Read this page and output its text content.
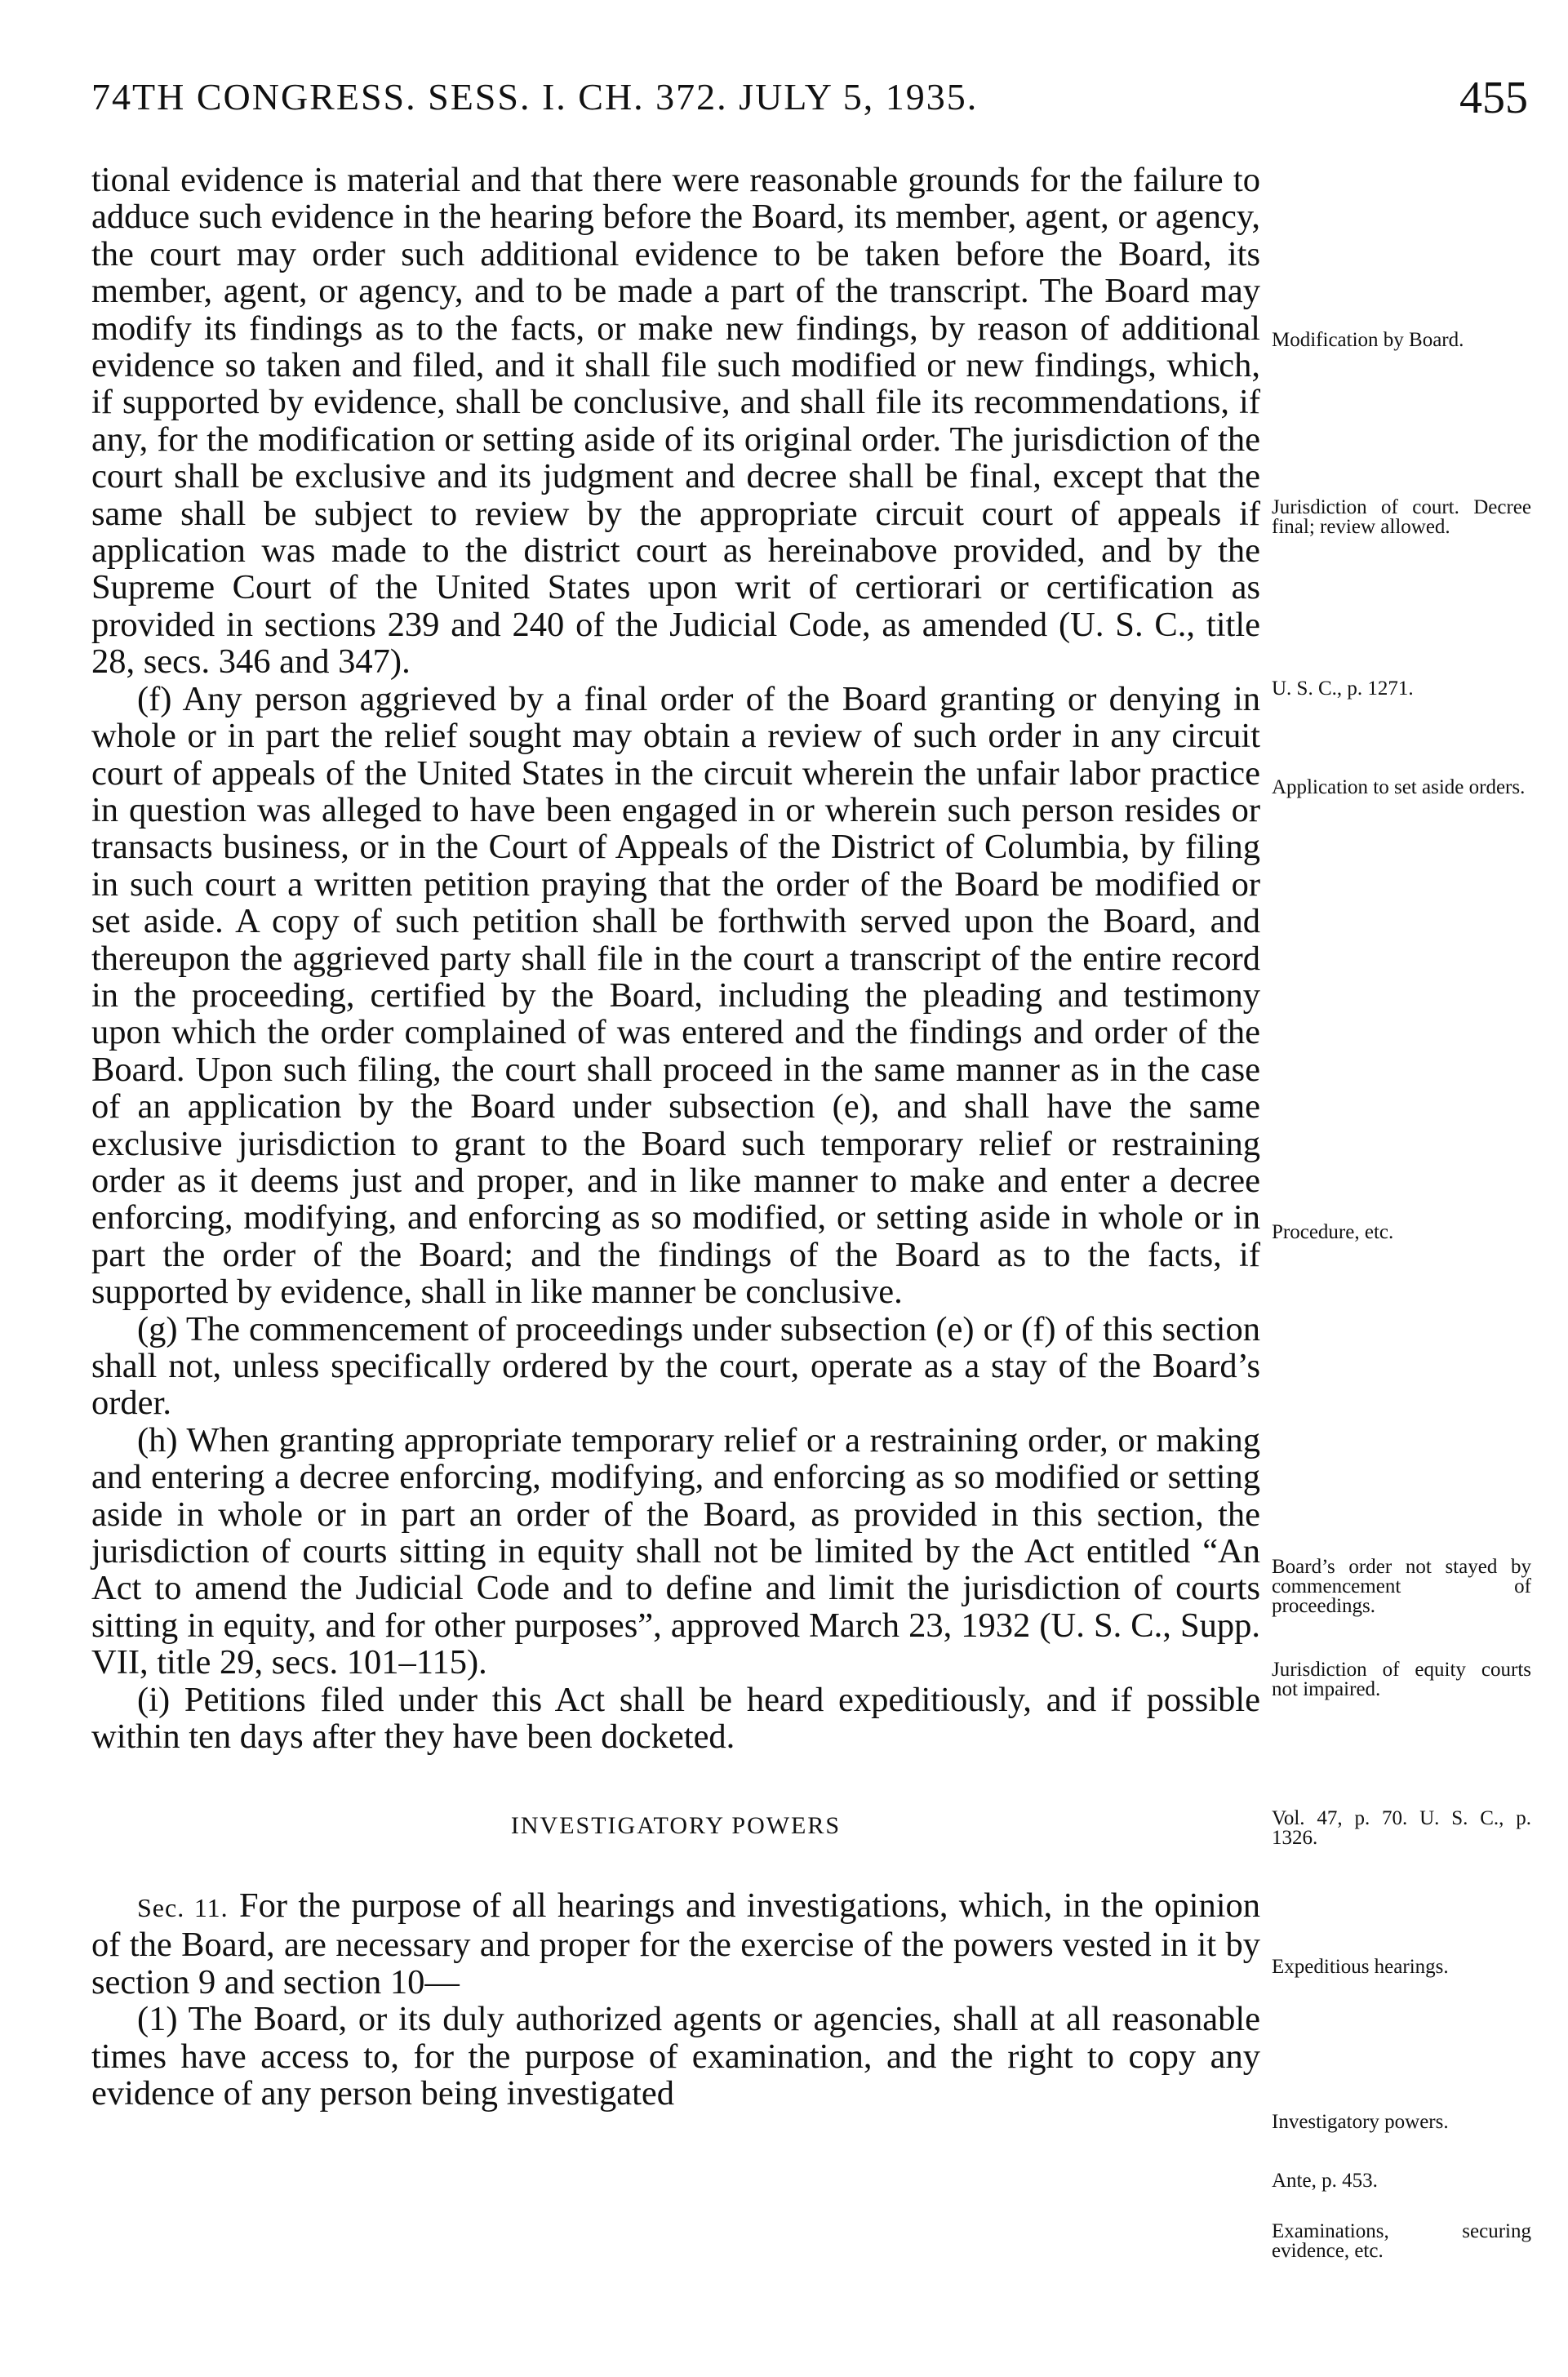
74TH CONGRESS. SESS. I. CH. 372. JULY 5, 1935.	455

tional evidence is material and that there were reasonable grounds for the failure to adduce such evidence in the hearing before the Board, its member, agent, or agency, the court may order such additional evidence to be taken before the Board, its member, agent, or agency, and to be made a part of the transcript. The Board may modify its findings as to the facts, or make new findings, by reason of additional evidence so taken and filed, and it shall file such modified or new findings, which, if supported by evidence, shall be conclusive, and shall file its recommendations, if any, for the modification or setting aside of its original order. The jurisdiction of the court shall be exclusive and its judgment and decree shall be final, except that the same shall be subject to review by the appropriate circuit court of appeals if application was made to the district court as hereinabove provided, and by the Supreme Court of the United States upon writ of certiorari or certification as provided in sections 239 and 240 of the Judicial Code, as amended (U. S. C., title 28, secs. 346 and 347).

(f) Any person aggrieved by a final order of the Board granting or denying in whole or in part the relief sought may obtain a review of such order in any circuit court of appeals of the United States in the circuit wherein the unfair labor practice in question was alleged to have been engaged in or wherein such person resides or transacts business, or in the Court of Appeals of the District of Columbia, by filing in such court a written petition praying that the order of the Board be modified or set aside. A copy of such petition shall be forthwith served upon the Board, and thereupon the aggrieved party shall file in the court a transcript of the entire record in the proceeding, certified by the Board, including the pleading and testimony upon which the order complained of was entered and the findings and order of the Board. Upon such filing, the court shall proceed in the same manner as in the case of an application by the Board under subsection (e), and shall have the same exclusive jurisdiction to grant to the Board such temporary relief or restraining order as it deems just and proper, and in like manner to make and enter a decree enforcing, modifying, and enforcing as so modified, or setting aside in whole or in part the order of the Board; and the findings of the Board as to the facts, if supported by evidence, shall in like manner be conclusive.

(g) The commencement of proceedings under subsection (e) or (f) of this section shall not, unless specifically ordered by the court, operate as a stay of the Board’s order.

(h) When granting appropriate temporary relief or a restraining order, or making and entering a decree enforcing, modifying, and enforcing as so modified or setting aside in whole or in part an order of the Board, as provided in this section, the jurisdiction of courts sitting in equity shall not be limited by the Act entitled “An Act to amend the Judicial Code and to define and limit the jurisdiction of courts sitting in equity, and for other purposes”, approved March 23, 1932 (U. S. C., Supp. VII, title 29, secs. 101–115).

(i) Petitions filed under this Act shall be heard expeditiously, and if possible within ten days after they have been docketed.

INVESTIGATORY POWERS

Sec. 11. For the purpose of all hearings and investigations, which, in the opinion of the Board, are necessary and proper for the exercise of the powers vested in it by section 9 and section 10—

(1) The Board, or its duly authorized agents or agencies, shall at all reasonable times have access to, for the purpose of examination, and the right to copy any evidence of any person being investigated

Modification by Board.
Jurisdiction of court. Decree final; review allowed.
U. S. C., p. 1271.
Application to set aside orders.
Procedure, etc.
Board’s order not stayed by commencement of proceedings.
Jurisdiction of equity courts not impaired.
Vol. 47, p. 70. U. S. C., p. 1326.
Expeditious hearings.
Investigatory powers.
Ante, p. 453.
Examinations, securing evidence, etc.
